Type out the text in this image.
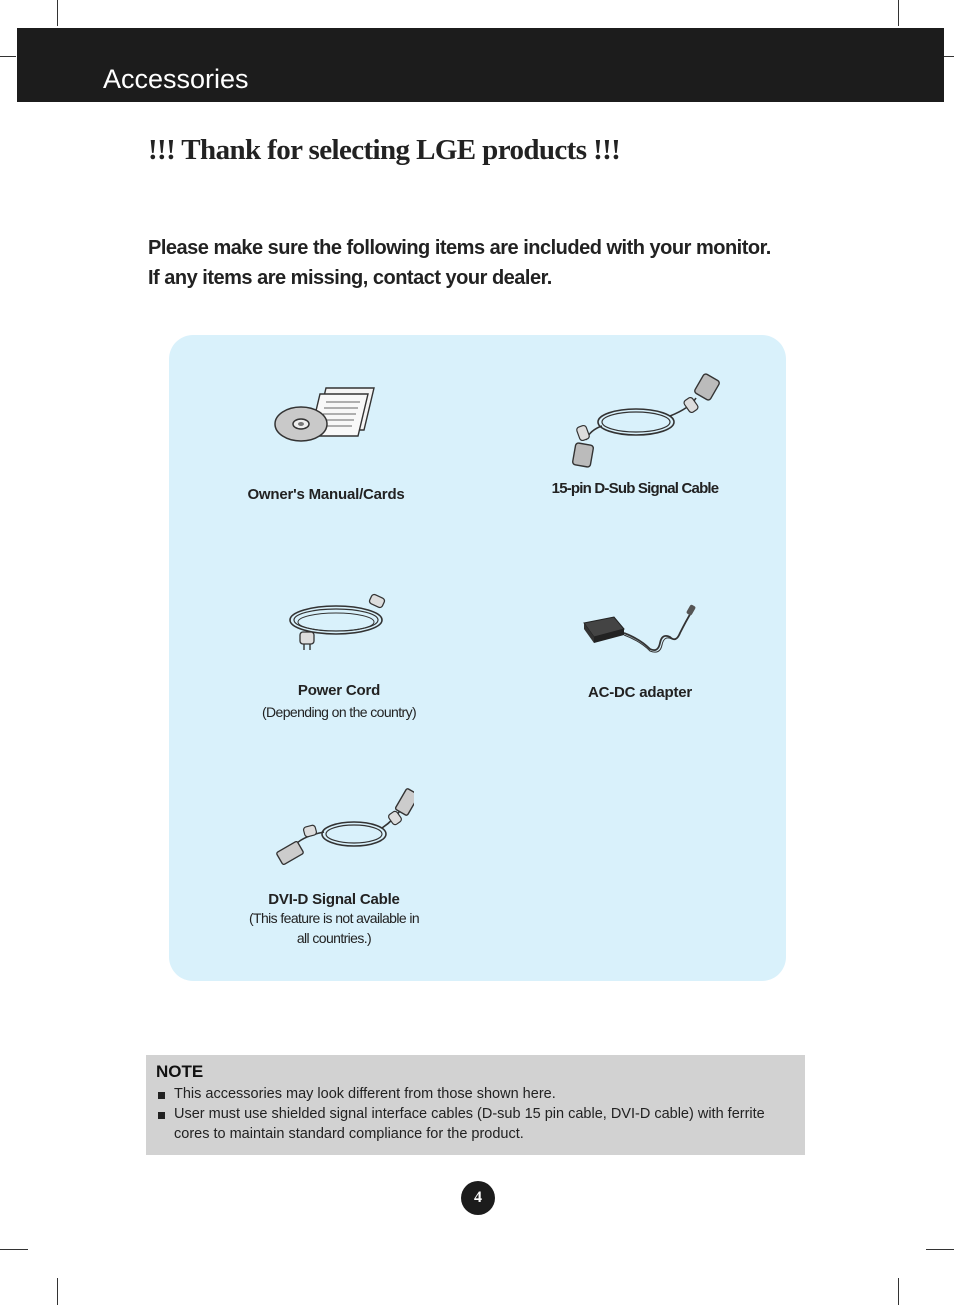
Accessories
!!! Thank for selecting LGE products !!!
Please make sure the following items are included with your monitor.
If any items are missing, contact your dealer.
Owner's Manual/Cards	15-pin D-Sub Signal Cable
Power Cord
(Depending on the country)
AC-DC adapter
DVI-D Signal Cable
(This feature is not available in
all countries.)
NOTE
This accessories may look different from those shown here.
User must use shielded signal interface cables (D-sub 15 pin cable, DVI-D cable) with ferrite
cores to maintain standard compliance for the product.
4
